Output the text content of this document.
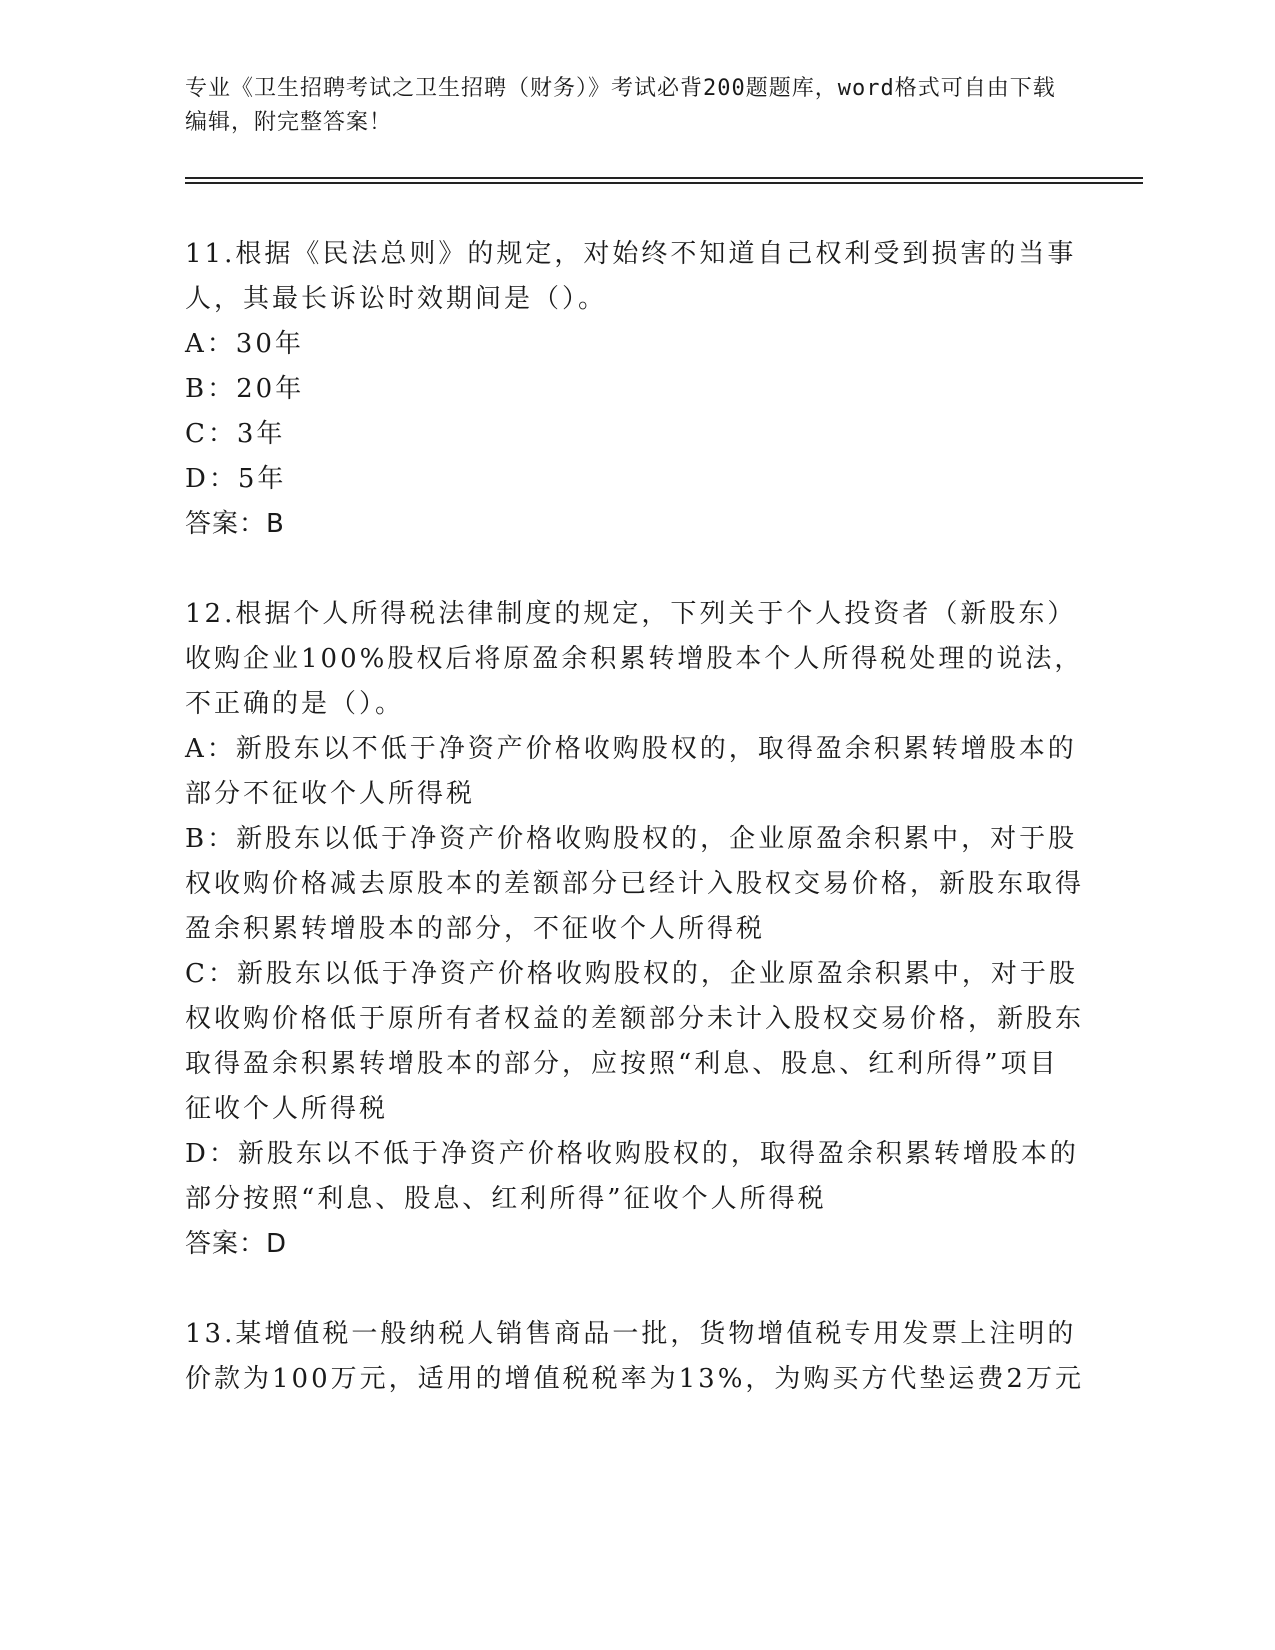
专业《卫生招聘考试之卫生招聘（财务）》考试必背200题题库，word格式可自由下载编辑，附完整答案！

11.根据《民法总则》的规定，对始终不知道自己权利受到损害的当事人，其最长诉讼时效期间是（）。

A：30年

B：20年

C：3年

D：5年

答案：B

12.根据个人所得税法律制度的规定，下列关于个人投资者（新股东）收购企业100%股权后将原盈余积累转增股本个人所得税处理的说法，不正确的是（）。

A：新股东以不低于净资产价格收购股权的，取得盈余积累转增股本的部分不征收个人所得税

B：新股东以低于净资产价格收购股权的，企业原盈余积累中，对于股权收购价格减去原股本的差额部分已经计入股权交易价格，新股东取得盈余积累转增股本的部分，不征收个人所得税

C：新股东以低于净资产价格收购股权的，企业原盈余积累中，对于股权收购价格低于原所有者权益的差额部分未计入股权交易价格，新股东取得盈余积累转增股本的部分，应按照“利息、股息、红利所得”项目征收个人所得税

D：新股东以不低于净资产价格收购股权的，取得盈余积累转增股本的部分按照“利息、股息、红利所得”征收个人所得税

答案：D

13.某增值税一般纳税人销售商品一批，货物增值税专用发票上注明的价款为100万元，适用的增值税税率为13%，为购买方代垫运费2万元
